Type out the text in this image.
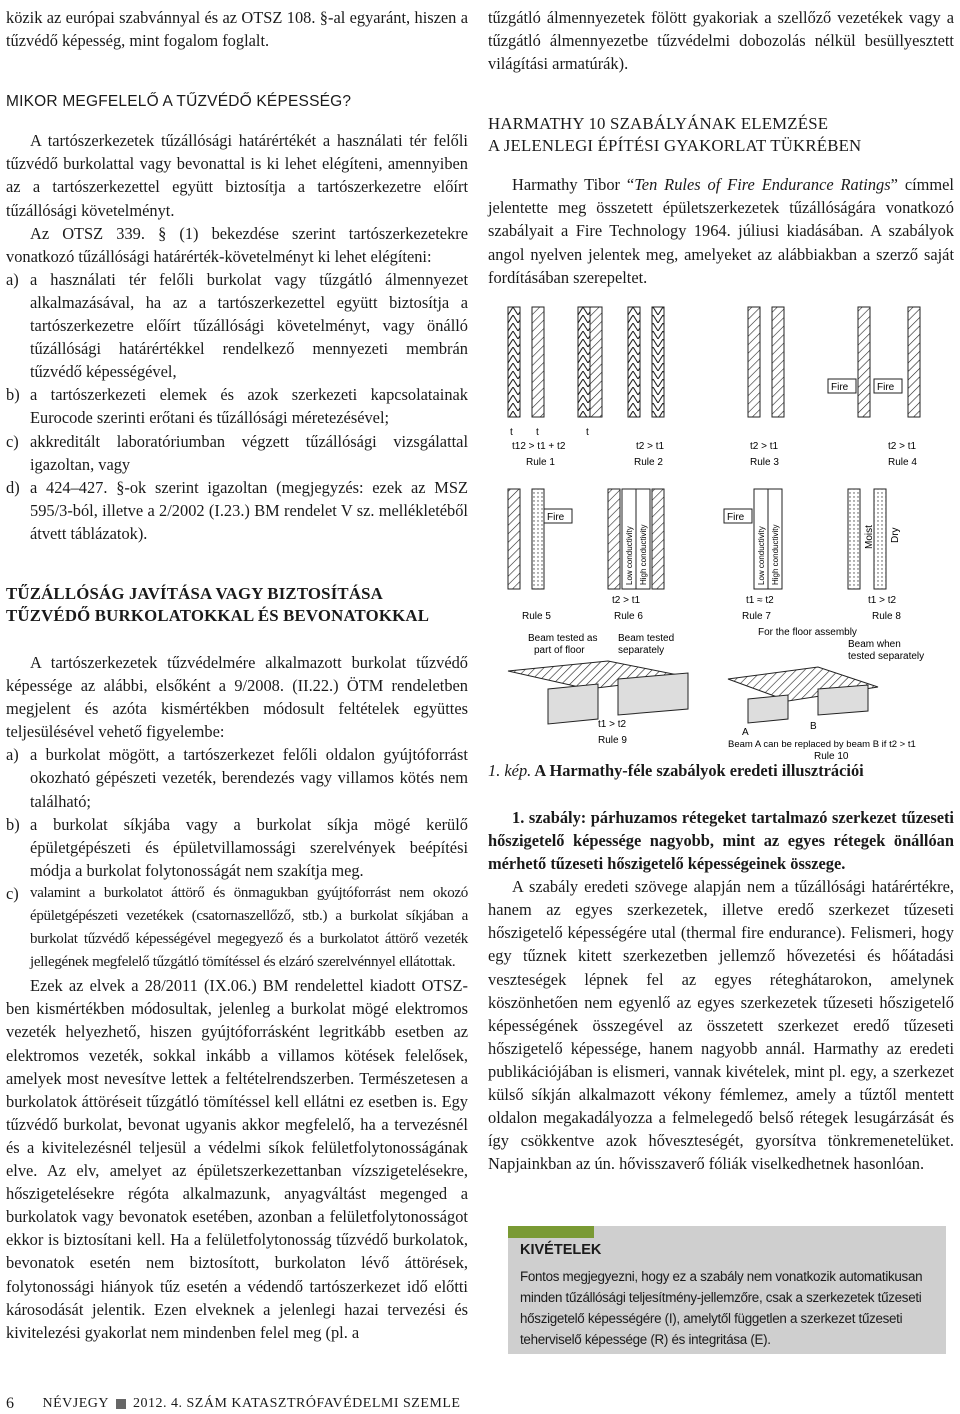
közik az európai szabvánnyal és az OTSZ 108. §-al egyaránt, hiszen a tűzvédő képesség, mint fogalom foglalt.

MIKOR MEGFELELŐ A TŰZVÉDŐ KÉPESSÉG?

A tartószerkezetek tűzállósági határértékét a használati tér felőli tűzvédő burkolattal vagy bevonattal is ki lehet elégíteni, amennyiben az a tartószerkezettel együtt biztosítja a tartószerkezetre előírt tűzállósági követelményt.

Az OTSZ 339. § (1) bekezdése szerint tartószerkezetekre vonatkozó tűzállósági határérték-követelményt ki lehet elégíteni:

a) a használati tér felőli burkolat vagy tűzgátló álmennyezet alkalmazásával, ha az a tartószerkezettel együtt biztosítja a tartószerkezetre előírt tűzállósági követelményt, vagy önálló tűzállósági határértékkel rendelkező mennyezeti membrán tűzvédő képességével,
b) a tartószerkezeti elemek és azok szerkezeti kapcsolatainak Eurocode szerinti erőtani és tűzállósági méretezésével;
c) akkreditált laboratóriumban végzett tűzállósági vizsgálattal igazoltan, vagy
d) a 424–427. §-ok szerint igazoltan (megjegyzés: ezek az MSZ 595/3-ból, illetve a 2/2002 (I.23.) BM rendelet V sz. mellékletéből átvett táblázatok).
TŰZÁLLÓSÁG JAVÍTÁSA VAGY BIZTOSÍTÁSA
TŰZVÉDŐ BURKOLATOKKAL ÉS BEVONATOKKAL

A tartószerkezetek tűzvédelmére alkalmazott burkolat tűzvédő képessége az alábbi, elsőként a 9/2008. (II.22.) ÖTM rendeletben megjelent és azóta kismértékben módosult feltételek együttes teljesülésével vehető figyelembe:

a) a burkolat mögött, a tartószerkezet felőli oldalon gyújtóforrást okozható gépészeti vezeték, berendezés vagy villamos kötés nem található;
b) a burkolat síkjába vagy a burkolat síkja mögé kerülő épületgépészeti és épületvillamossági szerelvények beépítési módja a burkolat folytonosságát nem szakítja meg.
c) valamint a burkolatot áttörő és önmagukban gyújtóforrást nem okozó épületgépészeti vezetékek (csatornaszellőző, stb.) a burkolat síkjában a burkolat tűzvédő képességével megegyező és a burkolatot áttörő vezeték jellegének megfelelő tűzgátló tömítéssel és elzáró szerelvénnyel ellátottak.

Ezek az elvek a 28/2011 (IX.06.) BM rendelettel kiadott OTSZ-ben kismértékben módosultak, jelenleg a burkolat mögé elektromos vezeték helyezhető, hiszen gyújtóforrásként legritkább esetben az elektromos vezeték, sokkal inkább a villamos kötések felelősek, amelyek most nevesítve lettek a feltételrendszerben. Természetesen a burkolatok áttöréseit tűzgátló tömítéssel kell ellátni ez esetben is. Egy tűzvédő burkolat, bevonat ugyanis akkor megfelelő, ha a tervezésnél és a kivitelezésnél teljesül a védelmi síkok felületfolytonosságának elve. Az elv, amelyet az épületszerkezettanban vízszigetelésekre, hőszigetelésekre régóta alkalmazunk, anyagváltást megenged a burkolatok vagy bevonatok esetében, azonban a felületfolytonosságot ekkor is biztosítani kell. Ha a felületfolytonosság tűzvédő burkolatok, bevonatok esetén nem biztosított, burkolaton lévő áttörések, folytonossági hiányok tűz esetén a védendő tartószerkezet idő előtti károsodását jelentik. Ezen elveknek a jelenlegi hazai tervezési és kivitelezési gyakorlat nem mindenben felel meg (pl. a

tűzgátló álmennyezetek fölött gyakoriak a szellőző vezetékek vagy a tűzgátló álmennyezetbe tűzvédelmi dobozolás nélkül besüllyesztett világítási armatúrák).

HARMATHY 10 SZABÁLYÁNAK ELEMZÉSE
A JELENLEGI ÉPÍTÉSI GYAKORLAT TÜKRÉBEN

Harmathy Tibor “Ten Rules of Fire Endurance Ratings” címmel jelentette meg összetett épületszerkezetek tűzállóságára vonatkozó szabályait a Fire Technology 1964. júliusi kiadásában. A szabályok angol nyelven jelentek meg, amelyeket az alábbiakban a szerző saját fordításában szerepeltet.

t t	t
t12 > t1 + t2
Rule 1
t2 > t1
Rule 2
t2 > t1
Rule 3
Fire	Fire
t2 > t1
Rule 4
Fire
Rule 5
Low conductivity High conductivity
t2 > t1
Rule 6
Fire
Low conductivity High conductivity
t1 ≈ t2
Rule 7
Moist Dry
t1 > t2
Rule 8
Beam tested as
part of floor
Beam tested
separately
t1 > t2
Rule 9
For the floor assembly
Beam when
tested separately
A
B
Beam A can be replaced by beam B if t2 > t1
Rule 10

1. kép. A Harmathy-féle szabályok eredeti illusztrációi

1. szabály: párhuzamos rétegeket tartalmazó szerkezet tűzeseti hőszigetelő képessége nagyobb, mint az egyes rétegek önállóan mérhető tűzeseti hőszigetelő képességeinek összege.

A szabály eredeti szövege alapján nem a tűzállósági határértékre, hanem az egyes szerkezetek, illetve eredő szerkezet tűzeseti hőszigetelő képességére utal (thermal fire endurance). Felismeri, hogy egy tűznek kitett szerkezetben jellemző hővezetési és hőátadási veszteségek lépnek fel az egyes réteghátarokon, amelynek köszönhetően nem egyenlő az egyes szerkezetek tűzeseti hőszigetelő képességének összegével az összetett szerkezet eredő tűzeseti hőszigetelő képessége, hanem nagyobb annál. Harmathy az eredeti publikációjában is elismeri, vannak kivételek, mint pl. egy, a szerkezet külső síkján alkalmazott vékony fémlemez, amely a tűztől mentett oldalon megakadályozza a felmelegedő belső rétegek lesugárzását és így csökkentve azok hőveszteségét, gyorsítva tönkremenetelüket. Napjainkban az ún. hővisszaverő fóliák viselkedhetnek hasonlóan.

KIVÉTELEK
Fontos megjegyezni, hogy ez a szabály nem vonatkozik automatikusan minden tűzállósági teljesítmény-jellemzőre, csak a szerkezetek tűzeseti hőszigetelő képességére (I), amelytől független a szerkezet tűzeseti teherviselő képessége (R) és integritása (E).
6 NÉVJEGY 2012. 4. SZÁM KATASZTRÓFAVÉDELMI SZEMLE
